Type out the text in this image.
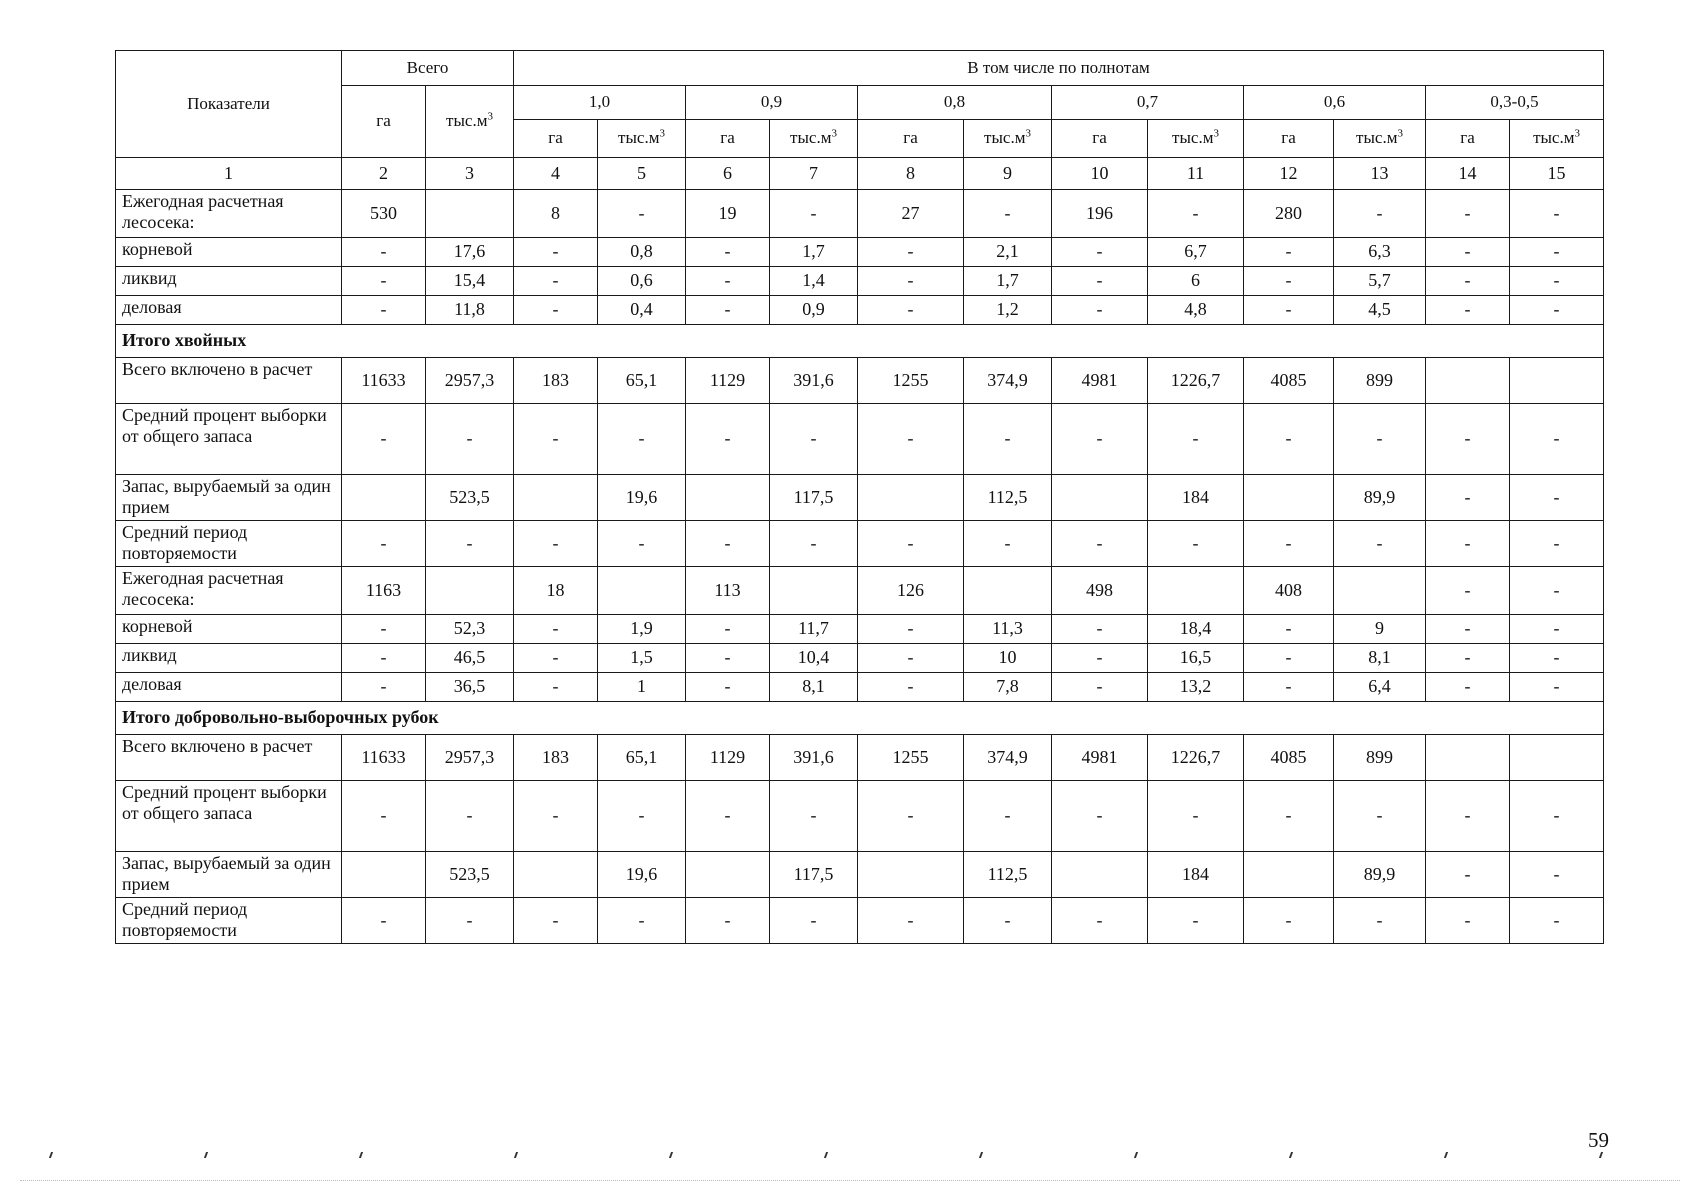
Показатели	Всего		В том числе по полнотам											
	га	$тыс.м^3$	1,0		0,9		0,8		0,7		0,6		0,3-0,5	
			га	$тыс.м^3$	га	$тыс.м^3$	га	$тыс.м^3$	га	$тыс.м^3$	га	$тыс.м^3$	га	$тыс.м^3$
1	2	3	4	5	6	7	8	9	10	11	12	13	14	15
Ежегодная расчетная лесосека:	530		8	-	19	-	27	-	196	-	280	-	-	-
корневой	-	17,6	-	0,8	-	1,7	-	2,1	-	6,7	-	6,3	-	-
ликвид	-	15,4	-	0,6	-	1,4	-	1,7	-	6	-	5,7	-	-
деловая	-	11,8	-	0,4	-	0,9	-	1,2	-	4,8	-	4,5	-	-
Итого хвойных														
Всего включено в расчет	11633	2957,3	183	65,1	1129	391,6	1255	374,9	4981	1226,7	4085	899		
Средний процент выборки от общего запаса	-	-	-	-	-	-	-	-	-	-	-	-	-	-
Запас, вырубаемый за один прием		523,5		19,6		117,5		112,5		184		89,9	-	-
Средний период повторяемости	-	-	-	-	-	-	-	-	-	-	-	-	-	-
Ежегодная расчетная лесосека:	1163		18		113		126		498		408		-	-
корневой	-	52,3	-	1,9	-	11,7	-	11,3	-	18,4	-	9	-	-
ликвид	-	46,5	-	1,5	-	10,4	-	10	-	16,5	-	8,1	-	-
деловая	-	36,5	-	1	-	8,1	-	7,8	-	13,2	-	6,4	-	-
Итого добровольно-выборочных рубок														
Всего включено в расчет	11633	2957,3	183	65,1	1129	391,6	1255	374,9	4981	1226,7	4085	899		
Средний процент выборки от общего запаса	-	-	-	-	-	-	-	-	-	-	-	-	-	-
Запас, вырубаемый за один прием		523,5		19,6		117,5		112,5		184		89,9	-	-
Средний период повторяемости	-	-	-	-	-	-	-	-	-	-	-	-	-	-
59
